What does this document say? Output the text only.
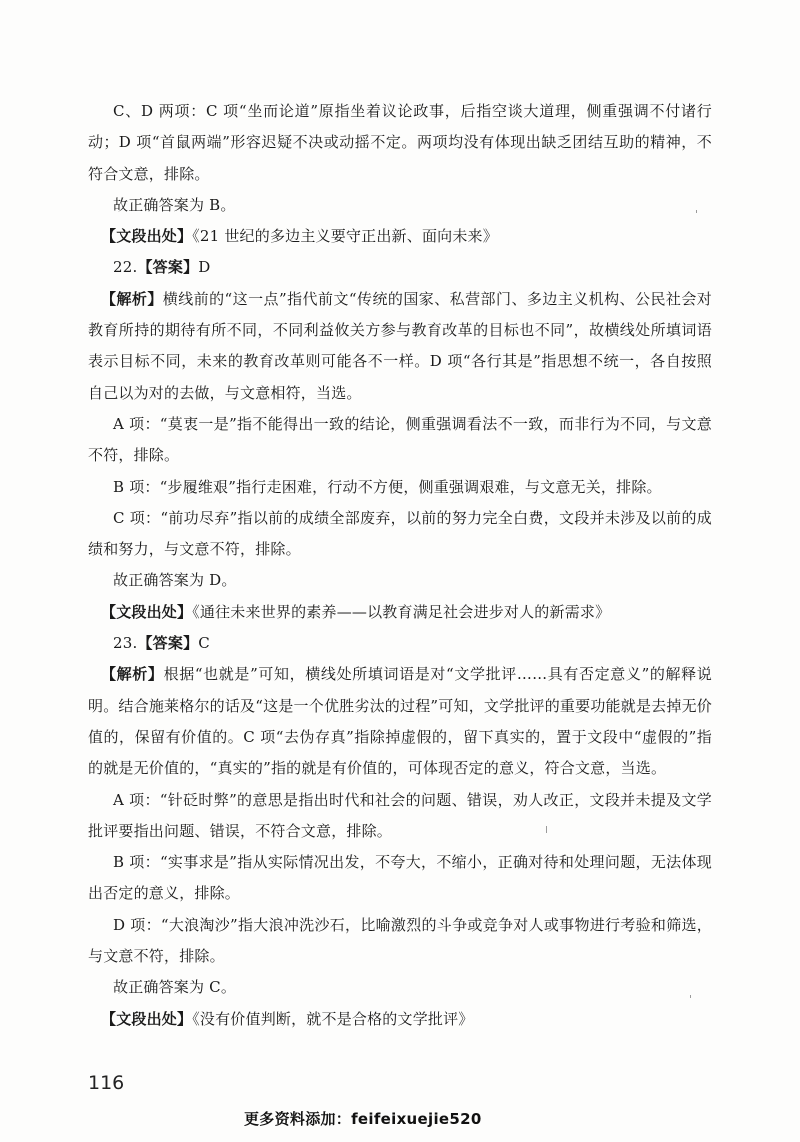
C、D 两项：C 项“坐而论道”原指坐着议论政事，后指空谈大道理，侧重强调不付诸行动；D 项“首鼠两端”形容迟疑不决或动摇不定。两项均没有体现出缺乏团结互助的精神，不符合文意，排除。

故正确答案为 B。

【文段出处】《21 世纪的多边主义要守正出新、面向未来》

22.【答案】D

【解析】横线前的“这一点”指代前文“传统的国家、私营部门、多边主义机构、公民社会对教育所持的期待有所不同，不同利益攸关方参与教育改革的目标也不同”，故横线处所填词语表示目标不同，未来的教育改革则可能各不一样。D 项“各行其是”指思想不统一，各自按照自己以为对的去做，与文意相符，当选。

A 项：“莫衷一是”指不能得出一致的结论，侧重强调看法不一致，而非行为不同，与文意不符，排除。

B 项：“步履维艰”指行走困难，行动不方便，侧重强调艰难，与文意无关，排除。

C 项：“前功尽弃”指以前的成绩全部废弃，以前的努力完全白费，文段并未涉及以前的成绩和努力，与文意不符，排除。

故正确答案为 D。

【文段出处】《通往未来世界的素养——以教育满足社会进步对人的新需求》

23.【答案】C

【解析】根据“也就是”可知，横线处所填词语是对“文学批评……具有否定意义”的解释说明。结合施莱格尔的话及“这是一个优胜劣汰的过程”可知，文学批评的重要功能就是去掉无价值的，保留有价值的。C 项“去伪存真”指除掉虚假的，留下真实的，置于文段中“虚假的”指的就是无价值的，“真实的”指的就是有价值的，可体现否定的意义，符合文意，当选。

A 项：“针砭时弊”的意思是指出时代和社会的问题、错误，劝人改正，文段并未提及文学批评要指出问题、错误，不符合文意，排除。

B 项：“实事求是”指从实际情况出发，不夸大，不缩小，正确对待和处理问题，无法体现出否定的意义，排除。

D 项：“大浪淘沙”指大浪冲洗沙石，比喻激烈的斗争或竞争对人或事物进行考验和筛选，与文意不符，排除。

故正确答案为 C。

【文段出处】《没有价值判断，就不是合格的文学批评》

116
更多资料添加：feifeixuejie520
